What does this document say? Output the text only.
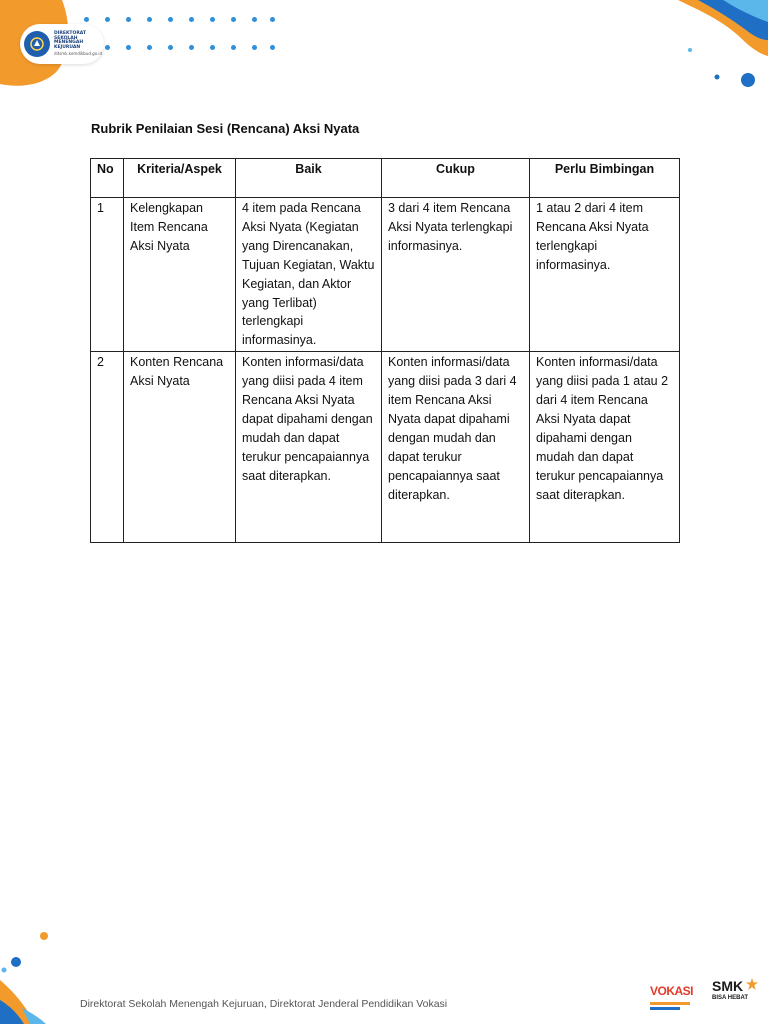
DIREKTORAT SEKOLAH MENENGAH KEJURUAN
ditsmk.kemdikbud.go.id
Rubrik Penilaian Sesi (Rencana) Aksi Nyata
No	Kriteria/Aspek	Baik	Cukup	Perlu Bimbingan
1	Kelengkapan Item Rencana Aksi Nyata	4 item pada Rencana Aksi Nyata (Kegiatan yang Direncanakan, Tujuan Kegiatan, Waktu Kegiatan, dan Aktor yang Terlibat) terlengkapi informasinya.	3 dari 4 item Rencana Aksi Nyata terlengkapi informasinya.	1 atau 2 dari 4 item Rencana Aksi Nyata terlengkapi informasinya.
2	Konten Rencana Aksi Nyata	Konten informasi/data yang diisi pada 4 item Rencana Aksi Nyata dapat dipahami dengan mudah dan dapat terukur pencapaiannya saat diterapkan.	Konten informasi/data yang diisi pada 3 dari 4 item Rencana Aksi Nyata dapat dipahami dengan mudah dan dapat terukur pencapaiannya saat diterapkan.	Konten informasi/data yang diisi pada 1 atau 2 dari 4 item Rencana Aksi Nyata dapat dipahami dengan mudah dan dapat terukur pencapaiannya saat diterapkan.
Direktorat Sekolah Menengah Kejuruan, Direktorat Jenderal Pendidikan Vokasi
VOKASI	SMK
BISA HEBAT
